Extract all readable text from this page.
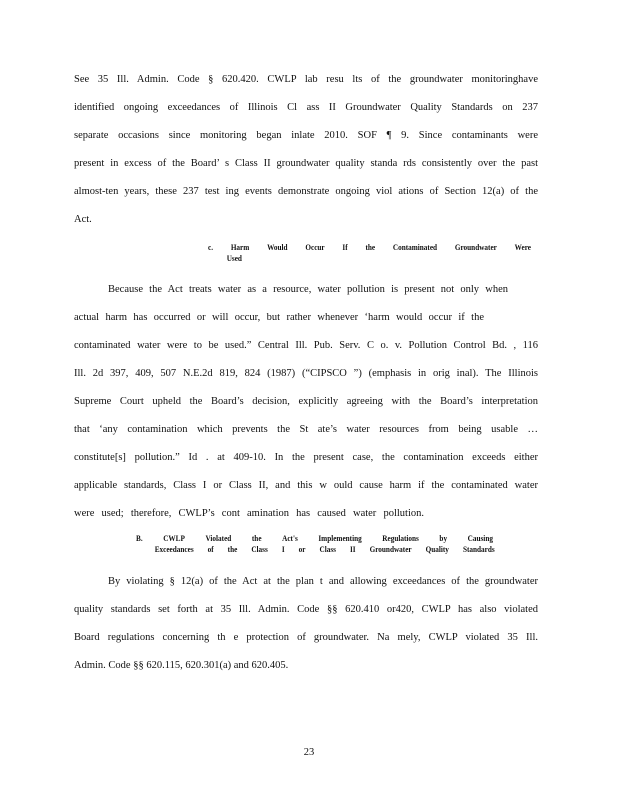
See 35 Ill. Admin. Code § 620.420. CWLP lab resu lts of the groundwater monitoringhave
identified ongoing exceedances of Illinois Cl ass II Groundwater Quality Standards on 237
separate occasions since monitoring began inlate 2010. SOF ¶ 9. Since contaminants were
present in excess of the Board’ s Class II groundwater quality standa rds consistently over the past
almost-ten years, these 237 test ing events demonstrate ongoing viol ations of Section 12(a) of the
Act.
c. Harm Would Occur If the Contaminated Groundwater Were
Used
Because the Act treats water as a resource, water pollution is present not only when
actual harm has occurred or will occur, but rather whenever ‘harm would occur if the
contaminated water were to be used.” Central Ill. Pub. Serv. C o. v. Pollution Control Bd. , 116
Ill. 2d 397, 409, 507 N.E.2d 819, 824 (1987) (“CIPSCO ”) (emphasis in orig inal). The Illinois
Supreme Court upheld the Board’s decision, explicitly agreeing with the Board’s interpretation
that ‘any contamination which prevents the St ate’s water resources from being usable …
constitute[s] pollution.” Id . at 409-10. In the present case, the contamination exceeds either
applicable standards, Class I or Class II, and this w ould cause harm if the contaminated water
were used; therefore, CWLP’s cont amination has caused water pollution.
B. CWLP Violated the Act's Implementing Regulations by Causing
Exceedances of the Class I or Class II Groundwater Quality Standards
By violating § 12(a) of the Act at the plan t and allowing exceedances of the groundwater
quality standards set forth at 35 Ill. Admin. Code §§ 620.410 or420, CWLP has also violated
Board regulations concerning th e protection of groundwater. Na mely, CWLP violated 35 Ill.
Admin. Code §§ 620.115, 620.301(a) and 620.405.
23
